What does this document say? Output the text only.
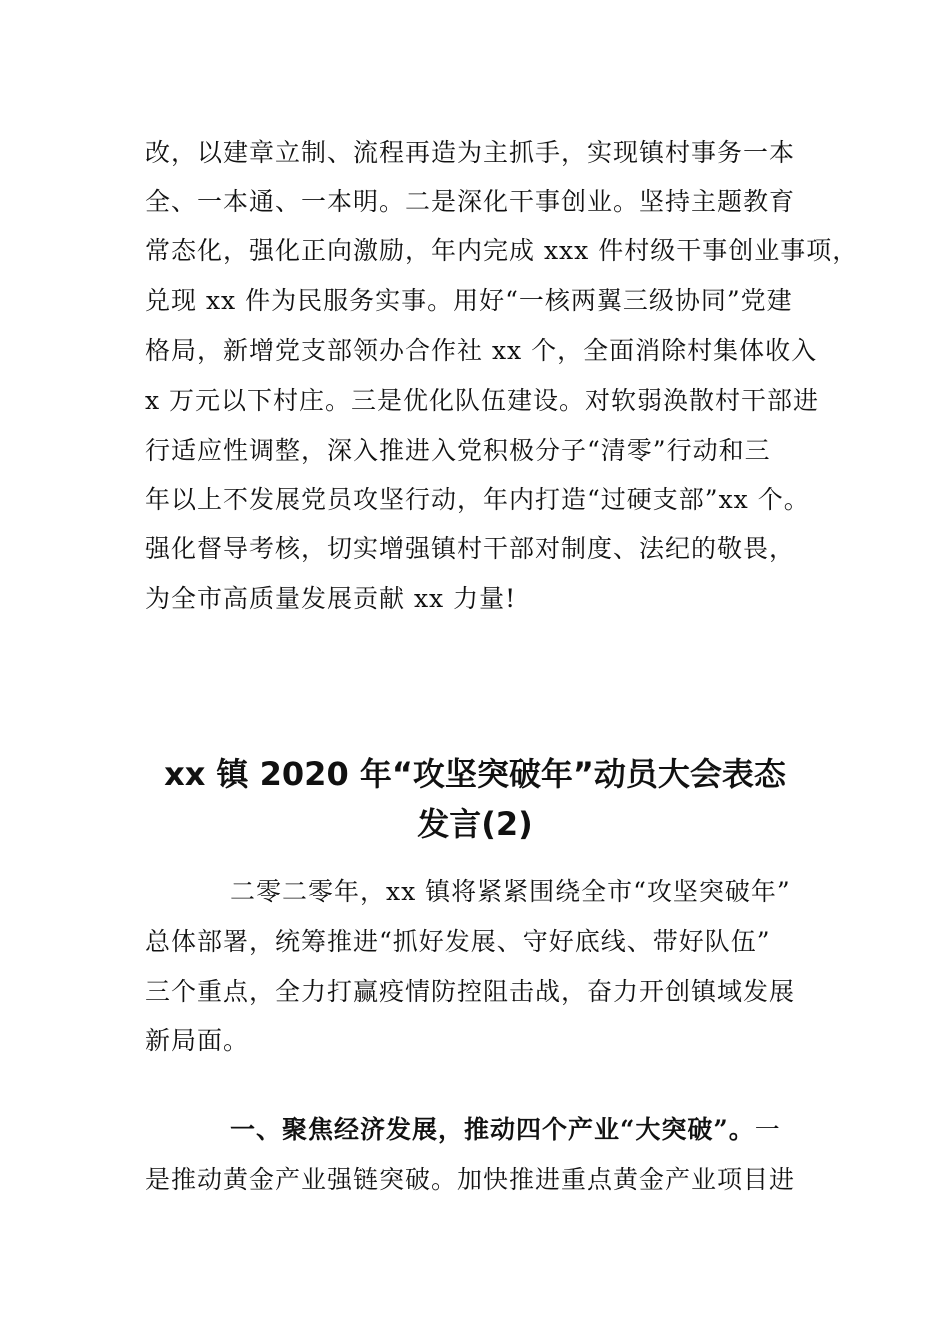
改，以建章立制、流程再造为主抓手，实现镇村事务一本
全、一本通、一本明。二是深化干事创业。坚持主题教育
常态化，强化正向激励，年内完成 xxx 件村级干事创业事项，
兑现 xx 件为民服务实事。用好“一核两翼三级协同”党建
格局，新增党支部领办合作社 xx 个，全面消除村集体收入
x 万元以下村庄。三是优化队伍建设。对软弱涣散村干部进
行适应性调整，深入推进入党积极分子“清零”行动和三
年以上不发展党员攻坚行动，年内打造“过硬支部”xx 个。
强化督导考核，切实增强镇村干部对制度、法纪的敬畏，
为全市高质量发展贡献 xx 力量!
xx 镇 2020 年“攻坚突破年”动员大会表态
发言(2)
二零二零年，xx 镇将紧紧围绕全市“攻坚突破年”
总体部署，统筹推进“抓好发展、守好底线、带好队伍”
三个重点，全力打赢疫情防控阻击战，奋力开创镇域发展
新局面。
一、聚焦经济发展，推动四个产业“大突破”。一
是推动黄金产业强链突破。加快推进重点黄金产业项目进
